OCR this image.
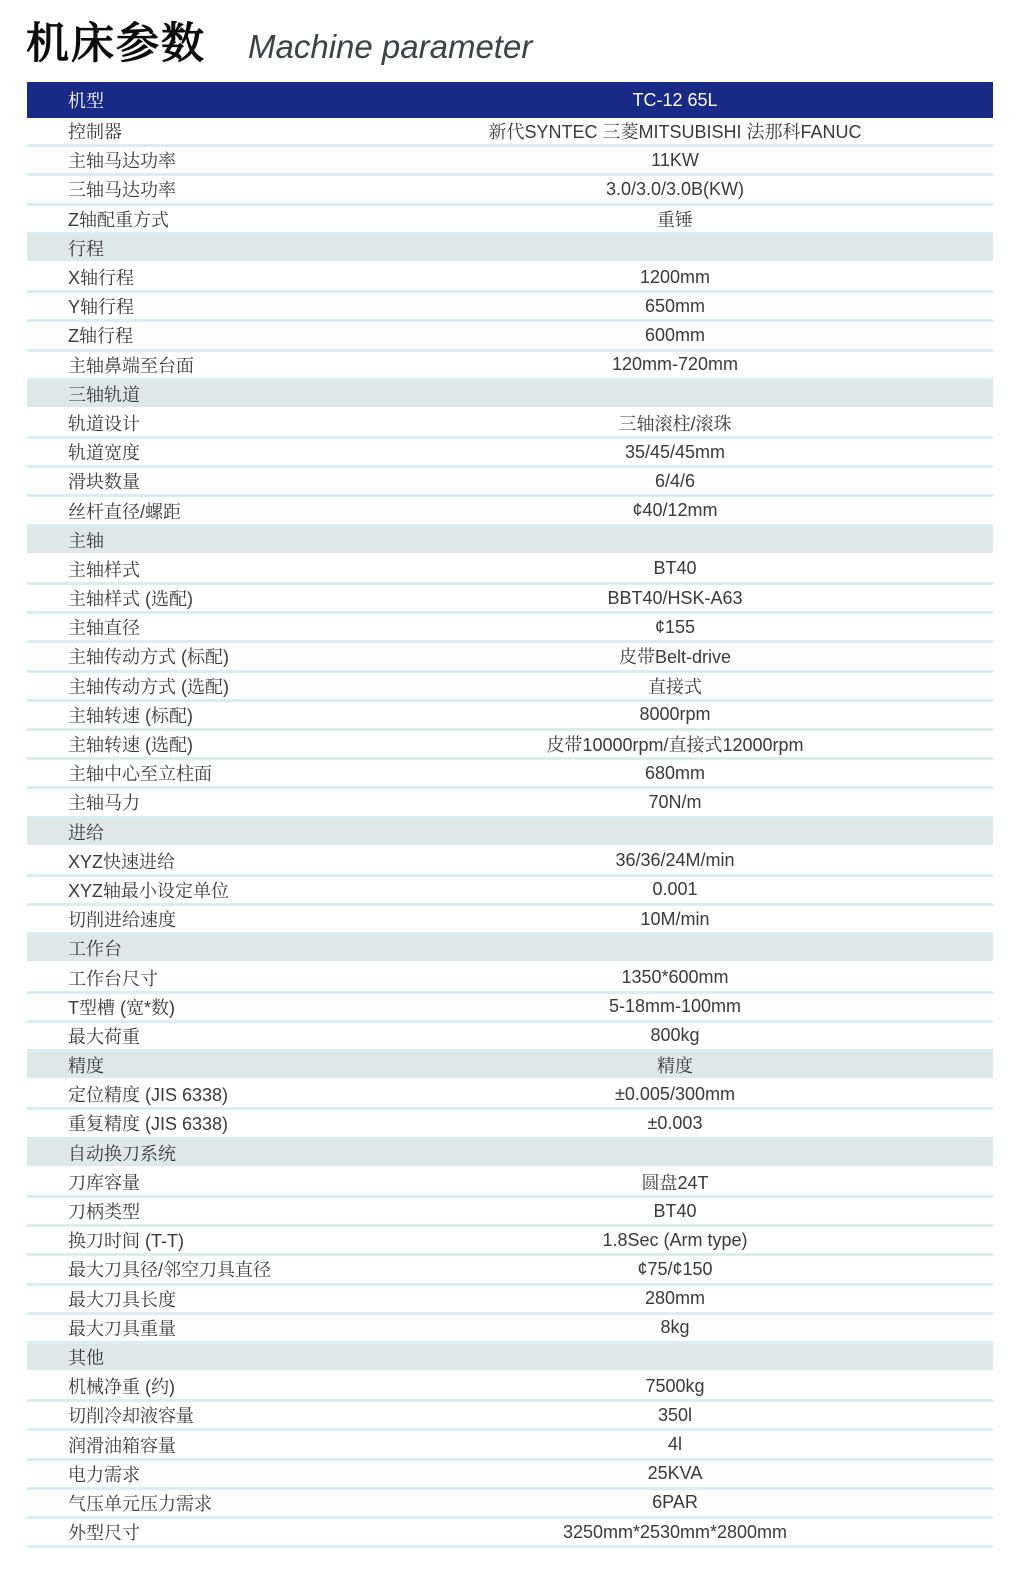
机床参数 Machine parameter
机型	TC-12 65L
控制器	新代SYNTEC 三菱MITSUBISHI 法那科FANUC
主轴马达功率	11KW
三轴马达功率	3.0/3.0/3.0B(KW)
Z轴配重方式	重锤
行程
X轴行程	1200mm
Y轴行程	650mm
Z轴行程	600mm
主轴鼻端至台面	120mm-720mm
三轴轨道
轨道设计	三轴滚柱/滚珠
轨道宽度	35/45/45mm
滑块数量	6/4/6
丝杆直径/螺距	¢40/12mm
主轴
主轴样式	BT40
主轴样式 (选配)	BBT40/HSK-A63
主轴直径	¢155
主轴传动方式 (标配)	皮带Belt-drive
主轴传动方式 (选配)	直接式
主轴转速 (标配)	8000rpm
主轴转速 (选配)	皮带10000rpm/直接式12000rpm
主轴中心至立柱面	680mm
主轴马力	70N/m
进给
XYZ快速进给	36/36/24M/min
XYZ轴最小设定单位	0.001
切削进给速度	10M/min
工作台
工作台尺寸	1350*600mm
T型槽 (宽*数)	5-18mm-100mm
最大荷重	800kg
精度	精度
定位精度 (JIS 6338)	±0.005/300mm
重复精度 (JIS 6338)	±0.003
自动换刀系统
刀库容量	圆盘24T
刀柄类型	BT40
换刀时间 (T-T)	1.8Sec (Arm type)
最大刀具径/邻空刀具直径	¢75/¢150
最大刀具长度	280mm
最大刀具重量	8kg
其他
机械净重 (约)	7500kg
切削冷却液容量	350l
润滑油箱容量	4l
电力需求	25KVA
气压单元压力需求	6PAR
外型尺寸	3250mm*2530mm*2800mm
